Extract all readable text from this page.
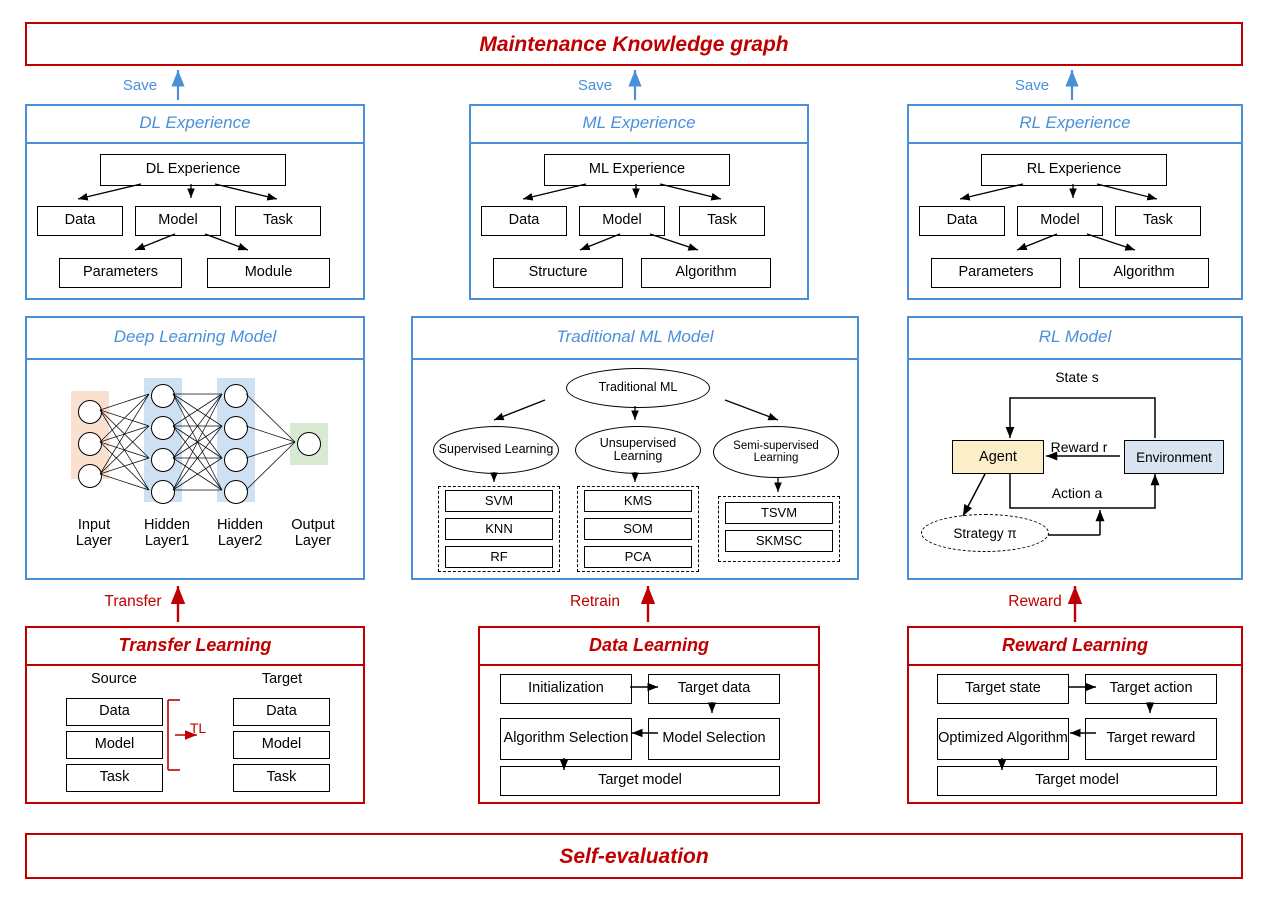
Maintenance Knowledge graph
Save	Save	Save
DL Experience
DL Experience
Data	Model	Task
Parameters	Module
ML Experience
ML Experience
Data	Model	Task
Structure	Algorithm
RL Experience
RL Experience
Data	Model	Task
Parameters	Algorithm
Deep Learning Model
Input Layer
Hidden Layer1
Hidden Layer2
Output Layer
Traditional ML Model
Traditional ML
Supervised Learning	Unsupervised Learning
Semi-supervised Learning
SVM
KNN
RF
KMS
SOM
PCA
TSVM
SKMSC
RL Model
Agent	Environment
Strategy π
State s
Reward r
Action a
Transfer	Retrain	Reward
Transfer Learning
Source	Target
Data
Model
Task
Data
Model
Task
TL
Data Learning
Initialization	Target data
Algorithm Selection	Model Selection
Target model
Reward Learning
Target state	Target action
Optimized Algorithm	Target reward
Target model
Self-evaluation
